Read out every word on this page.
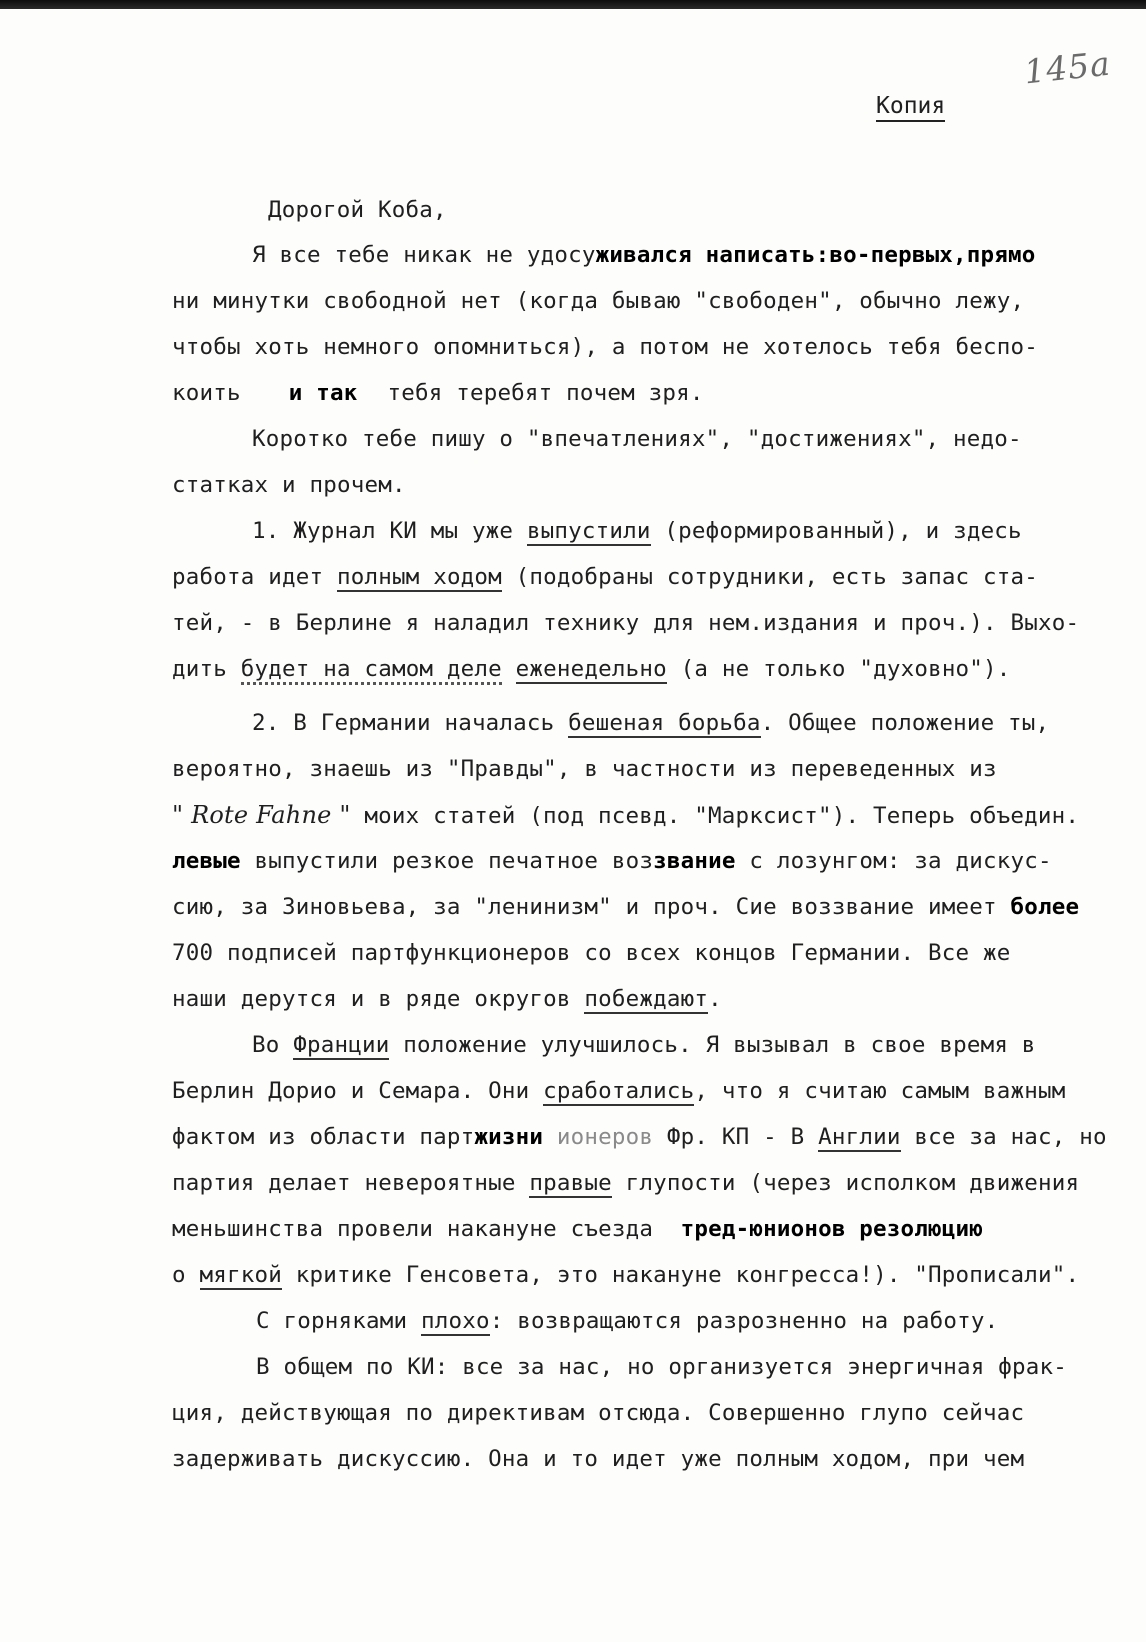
145a
Копия
Дорогой Коба,
Я все тебе никак не удосуживался написать:во-первых,прямо
ни минутки свободной нет (когда бываю "свободен", обычно лежу,
чтобы хоть немного опомниться), а потом не хотелось тебя беспо-
коить и так тебя теребят почем зря.
Коротко тебе пишу о "впечатлениях", "достижениях", недо-
статках и прочем.
1. Журнал КИ мы уже выпустили (реформированный), и здесь
работа идет полным ходом (подобраны сотрудники, есть запас ста-
тей, - в Берлине я наладил технику для нем.издания и проч.). Выхо-
дить будет на самом деле еженедельно (а не только "духовно").
2. В Германии началась бешеная борьба. Общее положение ты,
вероятно, знаешь из "Правды", в частности из переведенных из
" Rote Fahne " моих статей (под псевд. "Марксист"). Теперь объедин.
левые выпустили резкое печатное воззвание с лозунгом: за дискус-
сию, за Зиновьева, за "ленинизм" и проч. Сие воззвание имеет более
700 подписей партфункционеров со всех концов Германии. Все же
наши дерутся и в ряде округов побеждают.
Во Франции положение улучшилось. Я вызывал в свое время в
Берлин Дорио и Семара. Они сработались, что я считаю самым важным
фактом из области партжизни ионеров Фр. КП - В Англии все за нас, но
партия делает невероятные правые глупости (через исполком движения
меньшинства провели накануне съезда  тред-юнионов резолюцию
о мягкой критике Генсовета, это накануне конгресса!). "Прописали".
С горняками плохо: возвращаются разрозненно на работу.
В общем по КИ: все за нас, но организуется энергичная фрак-
ция, действующая по директивам отсюда. Совершенно глупо сейчас
задерживать дискуссию. Она и то идет уже полным ходом, при чем
